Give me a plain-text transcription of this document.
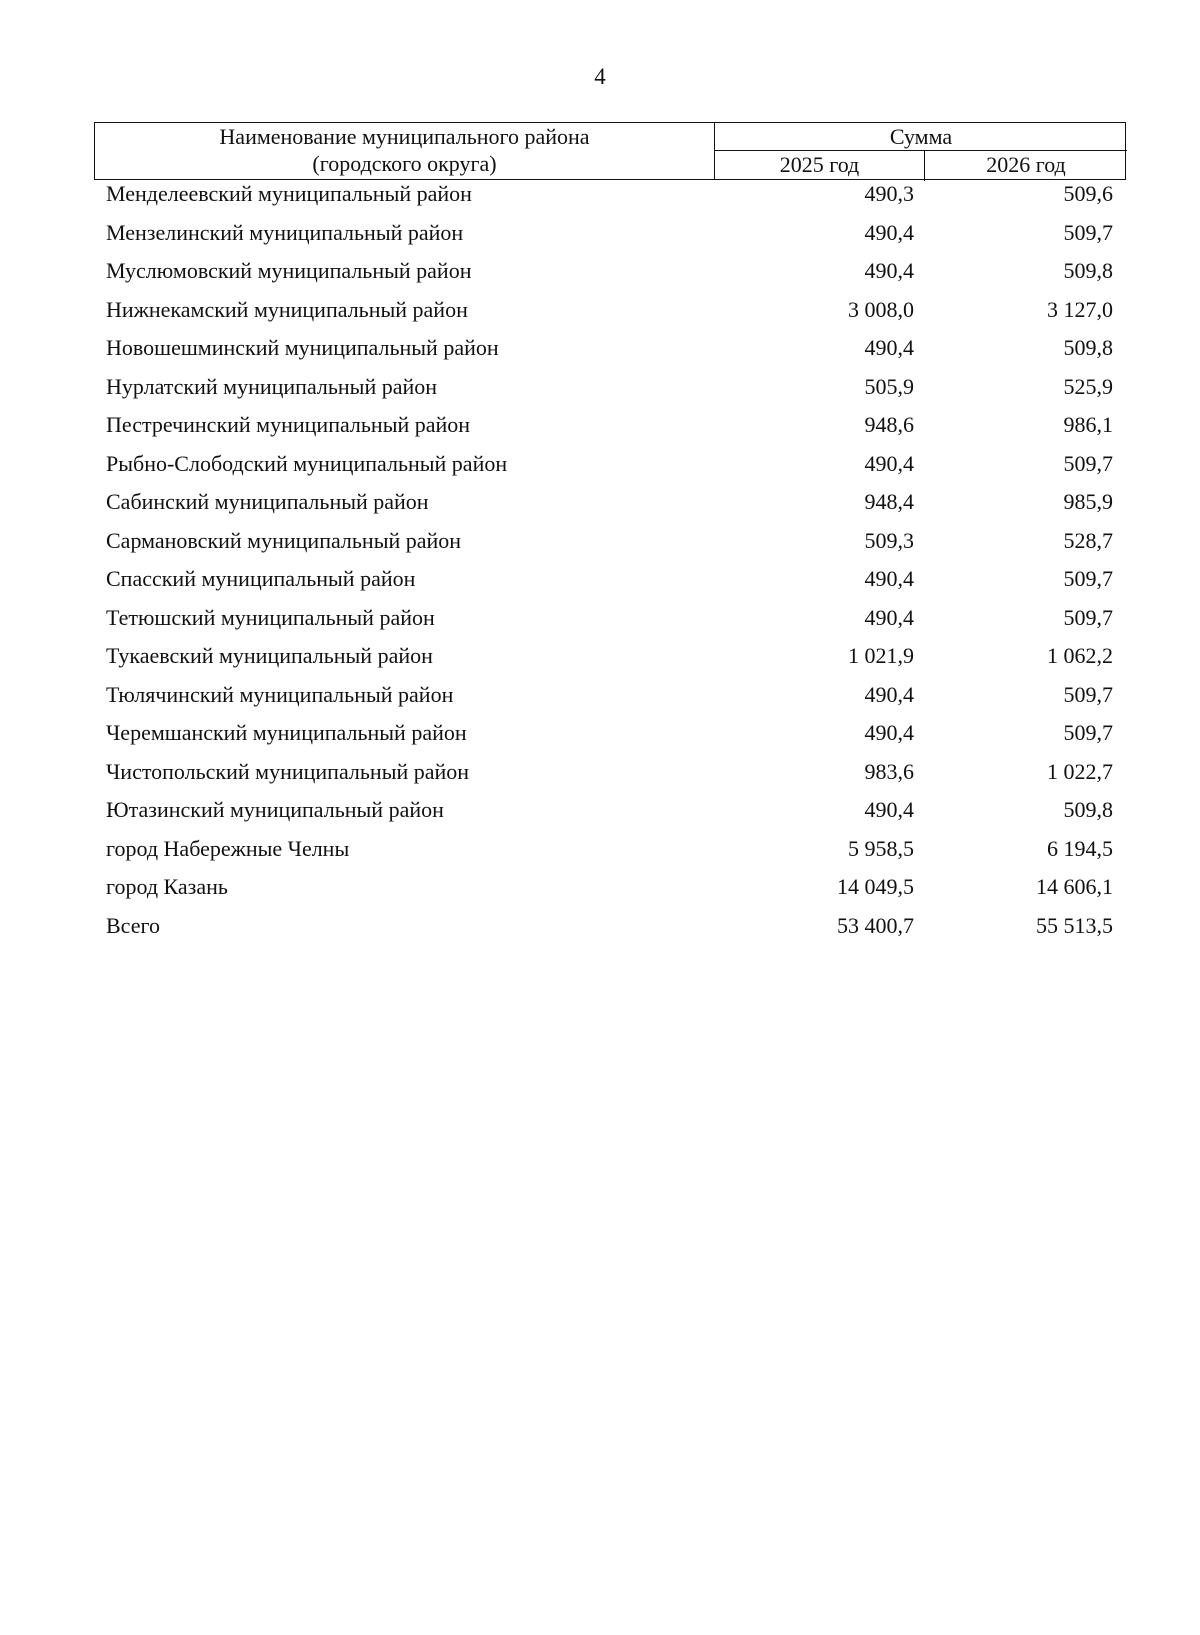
4
Наименование муниципального района
(городского округа)
Сумма
2025 год	2026 год
Менделеевский муниципальный район	490,3	509,6
Мензелинский муниципальный район	490,4	509,7
Муслюмовский муниципальный район	490,4	509,8
Нижнекамский муниципальный район	3 008,0	3 127,0
Новошешминский муниципальный район	490,4	509,8
Нурлатский муниципальный район	505,9	525,9
Пестречинский муниципальный район	948,6	986,1
Рыбно-Слободский муниципальный район	490,4	509,7
Сабинский муниципальный район	948,4	985,9
Сармановский муниципальный район	509,3	528,7
Спасский муниципальный район	490,4	509,7
Тетюшский муниципальный район	490,4	509,7
Тукаевский муниципальный район	1 021,9	1 062,2
Тюлячинский муниципальный район	490,4	509,7
Черемшанский муниципальный район	490,4	509,7
Чистопольский муниципальный район	983,6	1 022,7
Ютазинский муниципальный район	490,4	509,8
город Набережные Челны	5 958,5	6 194,5
город Казань	14 049,5	14 606,1
Всего	53 400,7	55 513,5
